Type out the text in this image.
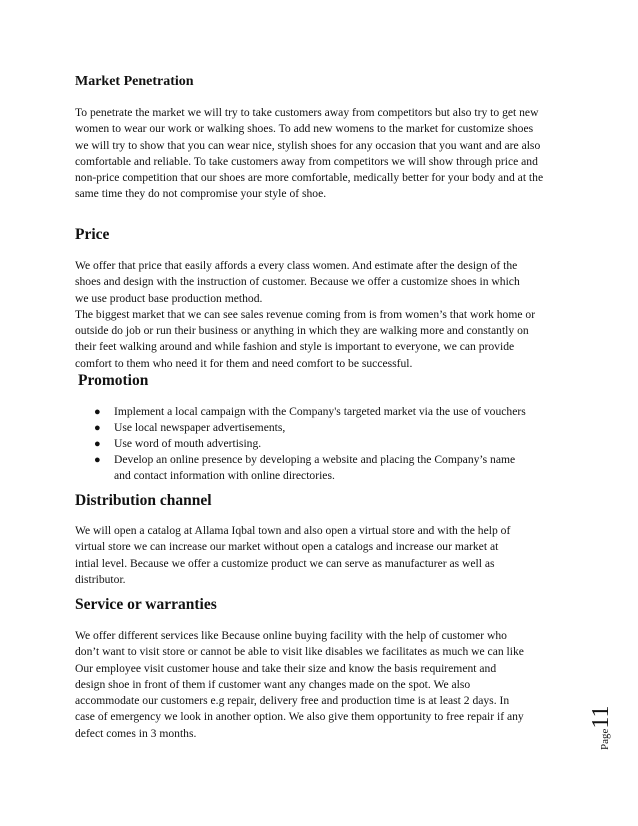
Market Penetration
To penetrate the market we will try to take customers away from competitors but also try to get new
women to wear our work or walking shoes. To add new womens to the market for customize shoes
we will try to show that you can wear nice, stylish shoes for any occasion that you want and are also
comfortable and reliable. To take customers away from competitors we will show through price and
non-price competition that our shoes are more comfortable, medically better for your body and at the
same time they do not compromise your style of shoe.
Price
We offer that price that easily affords a every class women. And estimate after the design of the
shoes and design with the instruction of customer. Because we offer a customize shoes in which
we use product base production method.
The biggest market that we can see sales revenue coming from is from women’s that work home or
outside do job or run their business or anything in which they are walking more and constantly on
their feet walking around and while fashion and style is important to everyone, we can provide
comfort to them who need it for them and need comfort to be successful.
Promotion
● Implement a local campaign with the Company's targeted market via the use of vouchers
● Use local newspaper advertisements,
● Use word of mouth advertising.
● Develop an online presence by developing a website and placing the Company’s name
and contact information with online directories.
Distribution channel
We will open a catalog at Allama Iqbal town and also open a virtual store and with the help of
virtual store we can increase our market without open a catalogs and increase our market at
intial level. Because we offer a customize product we can serve as manufacturer as well as
distributor.
Service or warranties
We offer different services like Because online buying facility with the help of customer who
don’t want to visit store or cannot be able to visit like disables we facilitates as much we can like
Our employee visit customer house and take their size and know the basis requirement and
design shoe in front of them if customer want any changes made on the spot. We also
accommodate our customers e.g repair, delivery free and production time is at least 2 days. In
case of emergency we look in another option. We also give them opportunity to free repair if any
defect comes in 3 months.	Page11
